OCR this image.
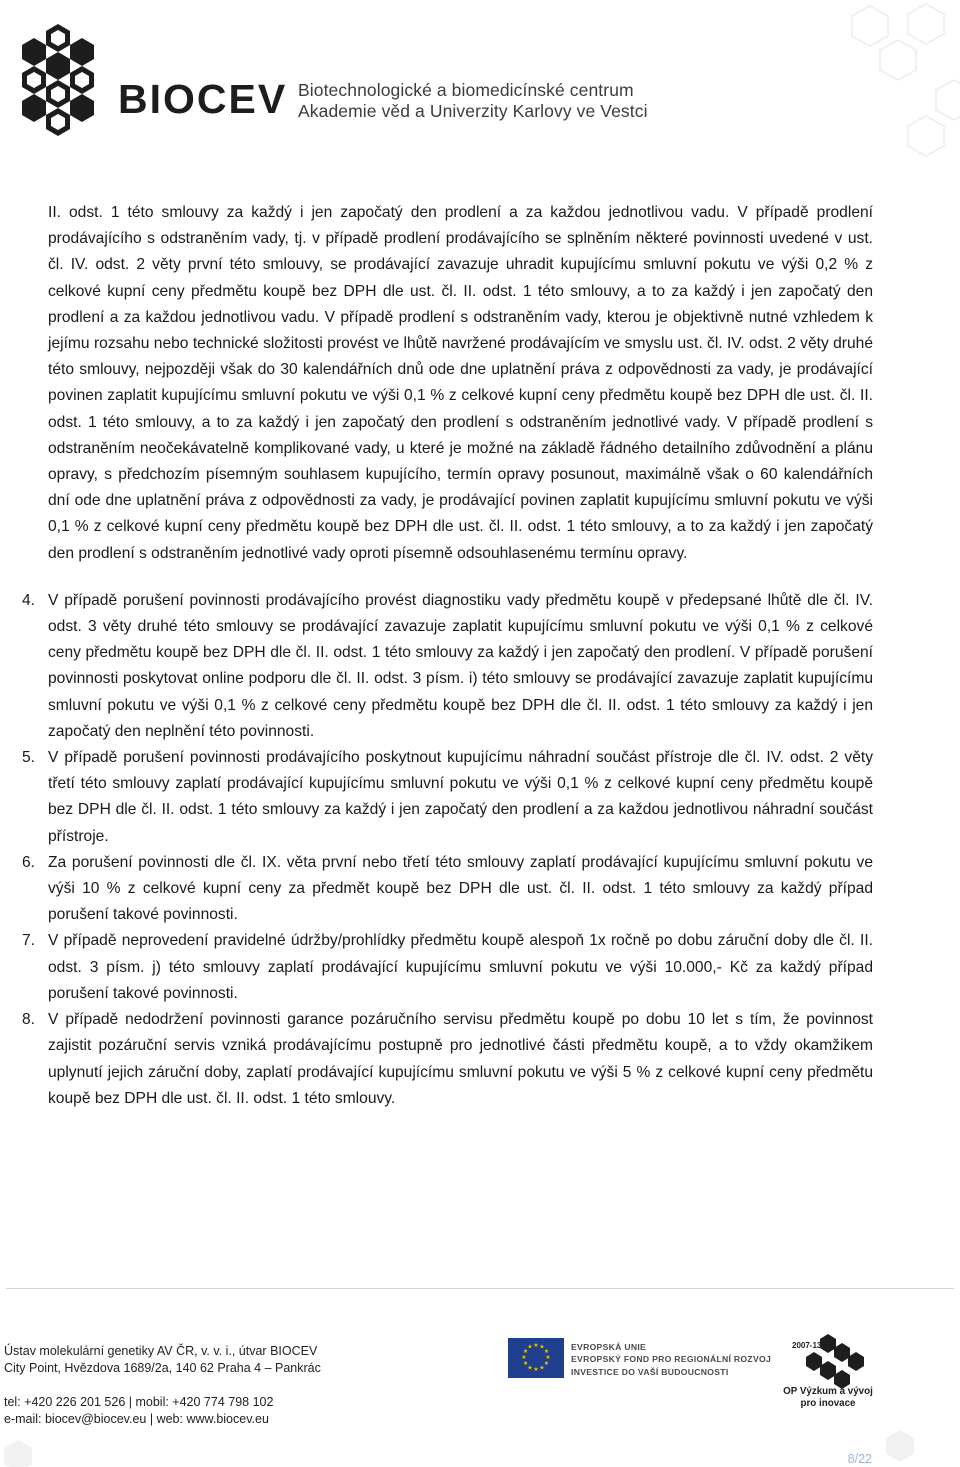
BIOCEV Biotechnologické a biomedicínské centrum
Akademie věd a Univerzity Karlovy ve Vestci

II. odst. 1 této smlouvy za každý i jen započatý den prodlení a za každou jednotlivou vadu. V případě prodlení prodávajícího s odstraněním vady, tj. v případě prodlení prodávajícího se splněním některé povinnosti uvedené v ust. čl. IV. odst. 2 věty první této smlouvy, se prodávající zavazuje uhradit kupujícímu smluvní pokutu ve výši 0,2 % z celkové kupní ceny předmětu koupě bez DPH dle ust. čl. II. odst. 1 této smlouvy, a to za každý i jen započatý den prodlení a za každou jednotlivou vadu. V případě prodlení s odstraněním vady, kterou je objektivně nutné vzhledem k jejímu rozsahu nebo technické složitosti provést ve lhůtě navržené prodávajícím ve smyslu ust. čl. IV. odst. 2 věty druhé této smlouvy, nejpozději však do 30 kalendářních dnů ode dne uplatnění práva z odpovědnosti za vady, je prodávající povinen zaplatit kupujícímu smluvní pokutu ve výši 0,1 % z celkové kupní ceny předmětu koupě bez DPH dle ust. čl. II. odst. 1 této smlouvy, a to za každý i jen započatý den prodlení s odstraněním jednotlivé vady. V případě prodlení s odstraněním neočekávatelně komplikované vady, u které je možné na základě řádného detailního zdůvodnění a plánu opravy, s předchozím písemným souhlasem kupujícího, termín opravy posunout, maximálně však o 60 kalendářních dní ode dne uplatnění práva z odpovědnosti za vady, je prodávající povinen zaplatit kupujícímu smluvní pokutu ve výši 0,1 % z celkové kupní ceny předmětu koupě bez DPH dle ust. čl. II. odst. 1 této smlouvy, a to za každý i jen započatý den prodlení s odstraněním jednotlivé vady oproti písemně odsouhlasenému termínu opravy.

4. V případě porušení povinnosti prodávajícího provést diagnostiku vady předmětu koupě v předepsané lhůtě dle čl. IV. odst. 3 věty druhé této smlouvy se prodávající zavazuje zaplatit kupujícímu smluvní pokutu ve výši 0,1 % z celkové ceny předmětu koupě bez DPH dle čl. II. odst. 1 této smlouvy za každý i jen započatý den prodlení. V případě porušení povinnosti poskytovat online podporu dle čl. II. odst. 3 písm. i) této smlouvy se prodávající zavazuje zaplatit kupujícímu smluvní pokutu ve výši 0,1 % z celkové ceny předmětu koupě bez DPH dle čl. II. odst. 1 této smlouvy za každý i jen započatý den neplnění této povinnosti.
5. V případě porušení povinnosti prodávajícího poskytnout kupujícímu náhradní součást přístroje dle čl. IV. odst. 2 věty třetí této smlouvy zaplatí prodávající kupujícímu smluvní pokutu ve výši 0,1 % z celkové kupní ceny předmětu koupě bez DPH dle čl. II. odst. 1 této smlouvy za každý i jen započatý den prodlení a za každou jednotlivou náhradní součást přístroje.
6. Za porušení povinnosti dle čl. IX. věta první nebo třetí této smlouvy zaplatí prodávající kupujícímu smluvní pokutu ve výši 10 % z celkové kupní ceny za předmět koupě bez DPH dle ust. čl. II. odst. 1 této smlouvy za každý případ porušení takové povinnosti.
7. V případě neprovedení pravidelné údržby/prohlídky předmětu koupě alespoň 1x ročně po dobu záruční doby dle čl. II. odst. 3 písm. j) této smlouvy zaplatí prodávající kupujícímu smluvní pokutu ve výši 10.000,- Kč za každý případ porušení takové povinnosti.
8. V případě nedodržení povinnosti garance pozáručního servisu předmětu koupě po dobu 10 let s tím, že povinnost zajistit pozáruční servis vzniká prodávajícímu postupně pro jednotlivé části předmětu koupě, a to vždy okamžikem uplynutí jejich záruční doby, zaplatí prodávající kupujícímu smluvní pokutu ve výši 5 % z celkové kupní ceny předmětu koupě bez DPH dle ust. čl. II. odst. 1 této smlouvy.
Ústav molekulární genetiky AV ČR, v. v. i., útvar BIOCEV
City Point, Hvězdova 1689/2a, 140 62 Praha 4 – Pankrác
tel: +420 226 201 526 | mobil: +420 774 798 102
e-mail: biocev@biocev.eu | web: www.biocev.eu
★ ★
★
★
★
★
★
★
★
★
★
★	EVROPSKÁ UNIE
EVROPSKÝ FOND PRO REGIONÁLNÍ ROZVOJ
INVESTICE DO VAŠÍ BUDOUCNOSTI
2007-13
OP Výzkum a vývoj
pro inovace
8/22
